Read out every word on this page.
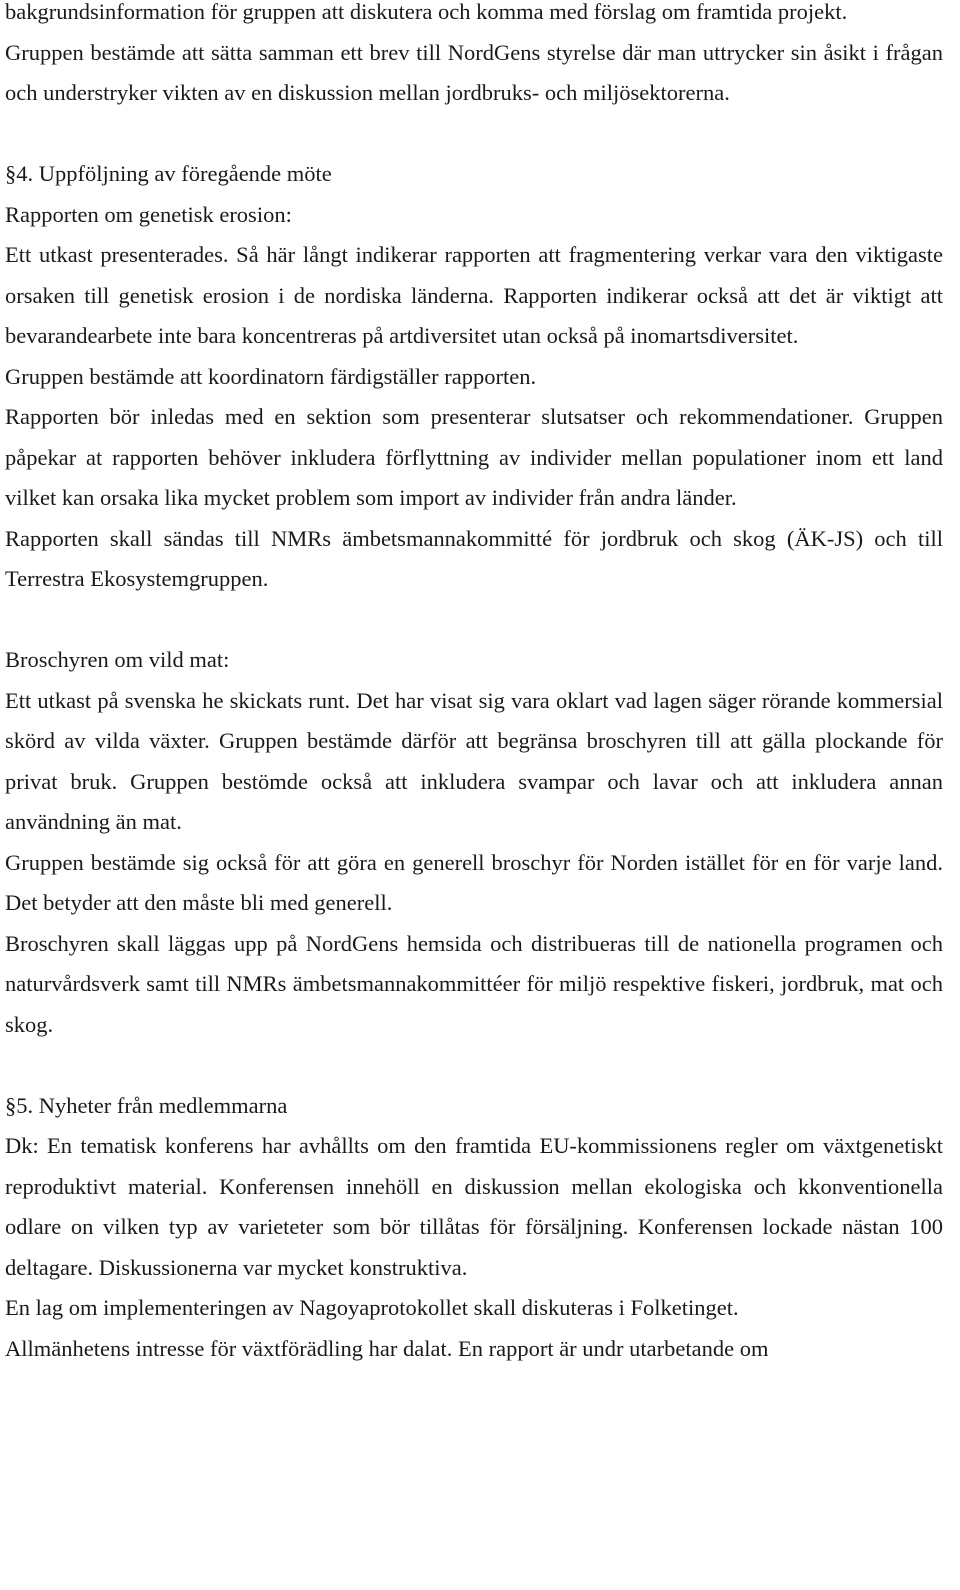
bakgrundsinformation för gruppen att diskutera och komma med förslag om framtida projekt.

Gruppen bestämde att sätta samman ett brev till NordGens styrelse där man uttrycker sin åsikt i frågan och understryker vikten av en diskussion mellan jordbruks- och miljösektorerna.

§4. Uppföljning av föregående möte

Rapporten om genetisk erosion:

Ett utkast presenterades. Så här långt indikerar rapporten att fragmentering verkar vara den viktigaste orsaken till genetisk erosion i de nordiska länderna. Rapporten indikerar också att det är viktigt att bevarandearbete inte bara koncentreras på artdiversitet utan också på inomartsdiversitet.

Gruppen bestämde att koordinatorn färdigställer rapporten.

Rapporten bör inledas med en sektion som presenterar slutsatser och rekommendationer. Gruppen påpekar at rapporten behöver inkludera förflyttning av individer mellan populationer inom ett land vilket kan orsaka lika mycket problem som import av individer från andra länder.

Rapporten skall sändas till NMRs ämbetsmannakommitté för jordbruk och skog (ÄK-JS) och till Terrestra Ekosystemgruppen.

Broschyren om vild mat:

Ett utkast på svenska he skickats runt. Det har visat sig vara oklart vad lagen säger rörande kommersial skörd av vilda växter. Gruppen bestämde därför att begränsa broschyren till att gälla plockande för privat bruk. Gruppen bestömde också att inkludera svampar och lavar och att inkludera annan användning än mat.

Gruppen bestämde sig också för att göra en generell broschyr för Norden istället för en för varje land. Det betyder att den måste bli med generell.

Broschyren skall läggas upp på NordGens hemsida och distribueras till de nationella programen och naturvårdsverk samt till NMRs ämbetsmannakommittéer för miljö respektive fiskeri, jordbruk, mat och skog.

§5. Nyheter från medlemmarna

Dk: En tematisk konferens har avhållts om den framtida EU-kommissionens regler om växtgenetiskt reproduktivt material. Konferensen innehöll en diskussion mellan ekologiska och kkonventionella odlare on vilken typ av varieteter som bör tillåtas för försäljning. Konferensen lockade nästan 100 deltagare. Diskussionerna var mycket konstruktiva.

En lag om implementeringen av Nagoyaprotokollet skall diskuteras i Folketinget.

Allmänhetens intresse för växtförädling har dalat. En rapport är undr utarbetande om
